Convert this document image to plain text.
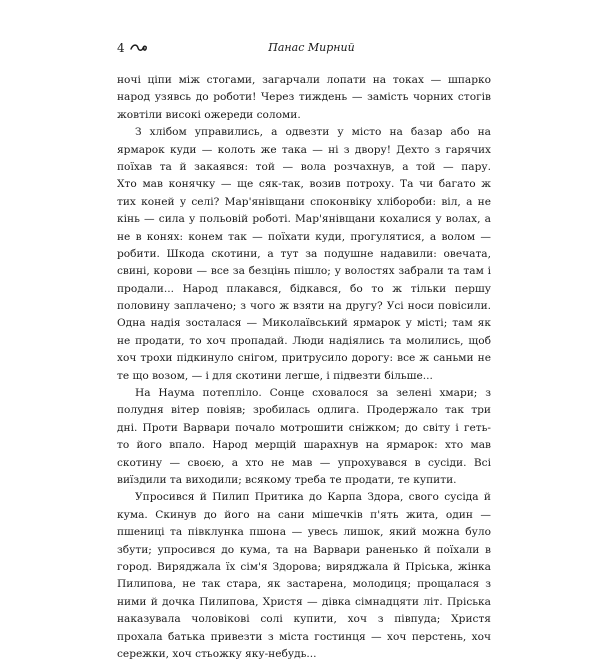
4	Панас Мирний
ночі ціпи між стогами, загарчали лопати на токах — шпарко
народ узявсь до роботи! Через тиждень — замість чорних стогів
жовтіли високі ожереди соломи.
З хлібом управились, а одвезти у місто на базар або на
ярмарок куди — колоть же така — ні з двору! Дехто з гарячих
поїхав та й закаявся: той — вола розчахнув, а той — пару.
Хто мав конячку — ще сяк-так, возив потроху. Та чи багато ж
тих коней у селі? Мар'янівщани споконвіку хлібороби: віл, а не
кінь — сила у польовій роботі. Мар'янівщани кохалися у волах, а
не в конях: конем так — поїхати куди, прогулятися, а волом —
робити. Шкода скотини, а тут за подушне надавили: овечата,
свині, корови — все за безцінь пішло; у волостях забрали та там і
продали... Народ плакався, бідкався, бо то ж тільки першу
половину заплачено; з чого ж взяти на другу? Усі носи повісили.
Одна надія зосталася — Миколаївський ярмарок у місті; там як
не продати, то хоч пропадай. Люди надіялись та молились, щоб
хоч трохи підкинуло снігом, притрусило дорогу: все ж саньми не
те що возом, — і для скотини легше, і підвезти більше...
На Наума потепліло. Сонце сховалося за зелені хмари; з
полудня вітер повіяв; зробилась одлига. Продержало так три
дні. Проти Варвари почало мотрошити сніжком; до світу і геть-
то його впало. Народ мерщій шарахнув на ярмарок: хто мав
скотину — своєю, а хто не мав — упрохувався в сусіди. Всі
виїздили та виходили; всякому треба те продати, те купити.
Упросився й Пилип Притика до Карпа Здора, свого сусіда й
кума. Скинув до його на сани мішечків п'ять жита, один —
пшениці та півклунка пшона — увесь лишок, який можна було
збути; упросився до кума, та на Варвари раненько й поїхали в
город. Виряджала їх сім'я Здорова; виряджала й Пріська, жінка
Пилипова, не так стара, як застарена, молодиця; прощалася з
ними й дочка Пилипова, Христя — дівка сімнадцяти літ. Пріська
наказувала чоловікові солі купити, хоч з півпуда; Христя
прохала батька привезти з міста гостинця — хоч перстень, хоч
сережки, хоч стьожку яку-небудь...
